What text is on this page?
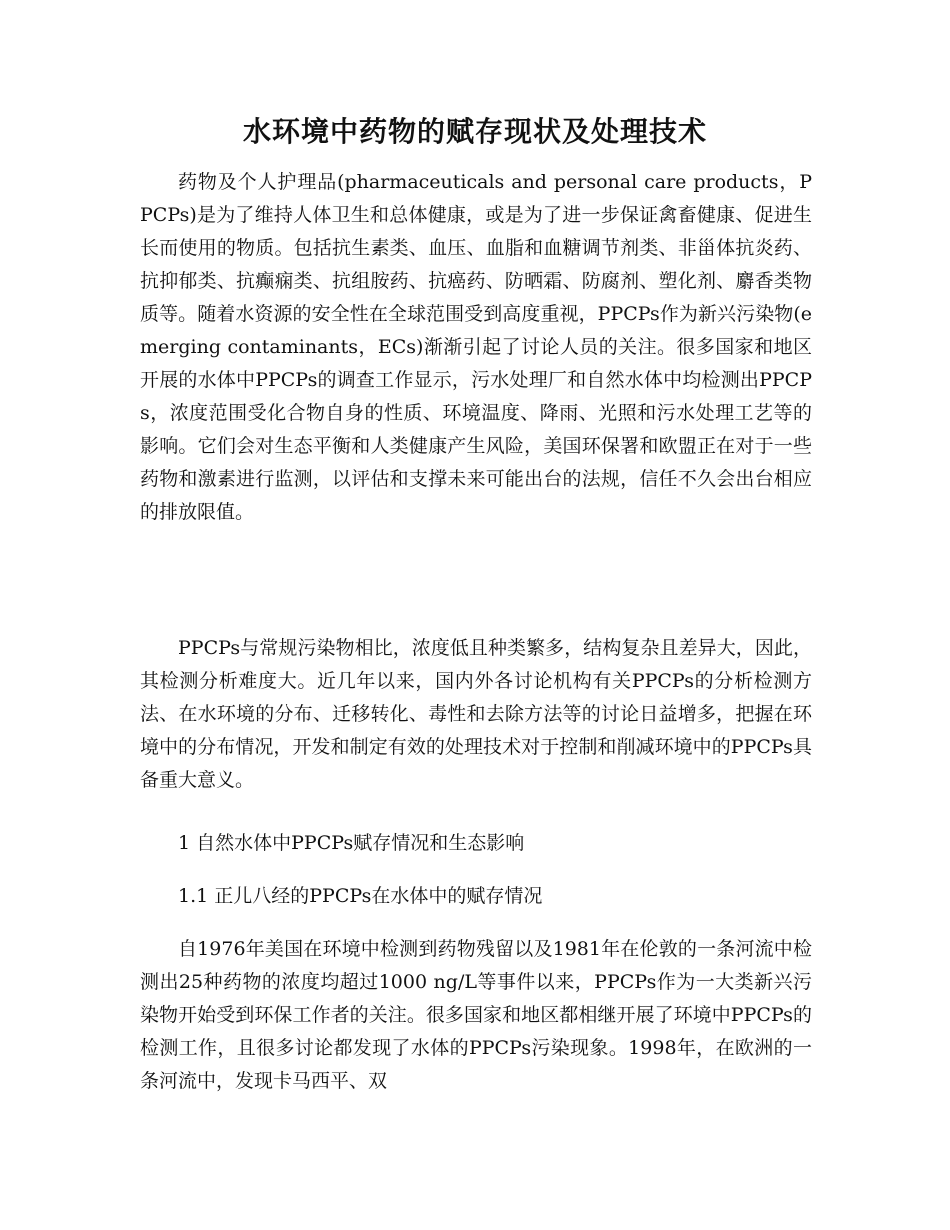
水环境中药物的赋存现状及处理技术

药物及个人护理品(pharmaceuticals and personal care products，PPCPs)是为了维持人体卫生和总体健康，或是为了进一步保证禽畜健康、促进生长而使用的物质。包括抗生素类、血压、血脂和血糖调节剂类、非甾体抗炎药、抗抑郁类、抗癫痫类、抗组胺药、抗癌药、防晒霜、防腐剂、塑化剂、麝香类物质等。随着水资源的安全性在全球范围受到高度重视，PPCPs作为新兴污染物(emerging contaminants，ECs)渐渐引起了讨论人员的关注。很多国家和地区开展的水体中PPCPs的调查工作显示，污水处理厂和自然水体中均检测出PPCPs，浓度范围受化合物自身的性质、环境温度、降雨、光照和污水处理工艺等的影响。它们会对生态平衡和人类健康产生风险，美国环保署和欧盟正在对于一些药物和激素进行监测，以评估和支撑未来可能出台的法规，信任不久会出台相应的排放限值。

PPCPs与常规污染物相比，浓度低且种类繁多，结构复杂且差异大，因此，其检测分析难度大。近几年以来，国内外各讨论机构有关PPCPs的分析检测方法、在水环境的分布、迁移转化、毒性和去除方法等的讨论日益增多，把握在环境中的分布情况，开发和制定有效的处理技术对于控制和削减环境中的PPCPs具备重大意义。

1 自然水体中PPCPs赋存情况和生态影响

1.1 正儿八经的PPCPs在水体中的赋存情况

自1976年美国在环境中检测到药物残留以及1981年在伦敦的一条河流中检测出25种药物的浓度均超过1000 ng/L等事件以来，PPCPs作为一大类新兴污染物开始受到环保工作者的关注。很多国家和地区都相继开展了环境中PPCPs的检测工作，且很多讨论都发现了水体的PPCPs污染现象。1998年，在欧洲的一条河流中，发现卡马西平、双
